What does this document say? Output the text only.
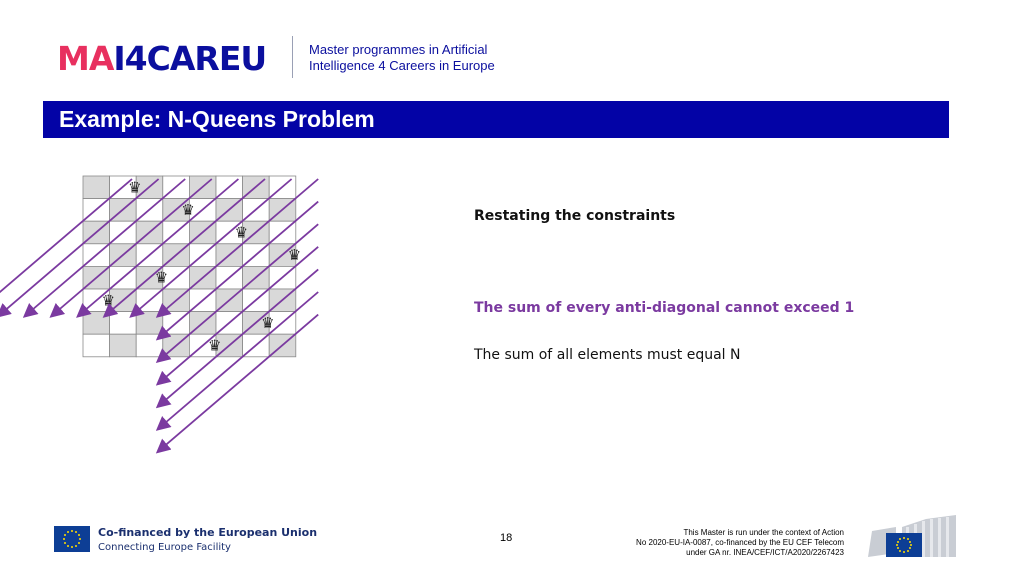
MAI4CAREU	Master programmes in Artificial
Intelligence 4 Careers in Europe
Example: N-Queens Problem
♛
♛
♛
♛
♛
♛
♛
♛
Restating the constraints
The sum of every anti-diagonal cannot exceed 1
The sum of all elements must equal N
Co-financed by the European Union
Connecting Europe Facility
18	This Master is run under the context of Action
No 2020-EU-IA-0087, co-financed by the EU CEF Telecom
under GA nr. INEA/CEF/ICT/A2020/2267423
